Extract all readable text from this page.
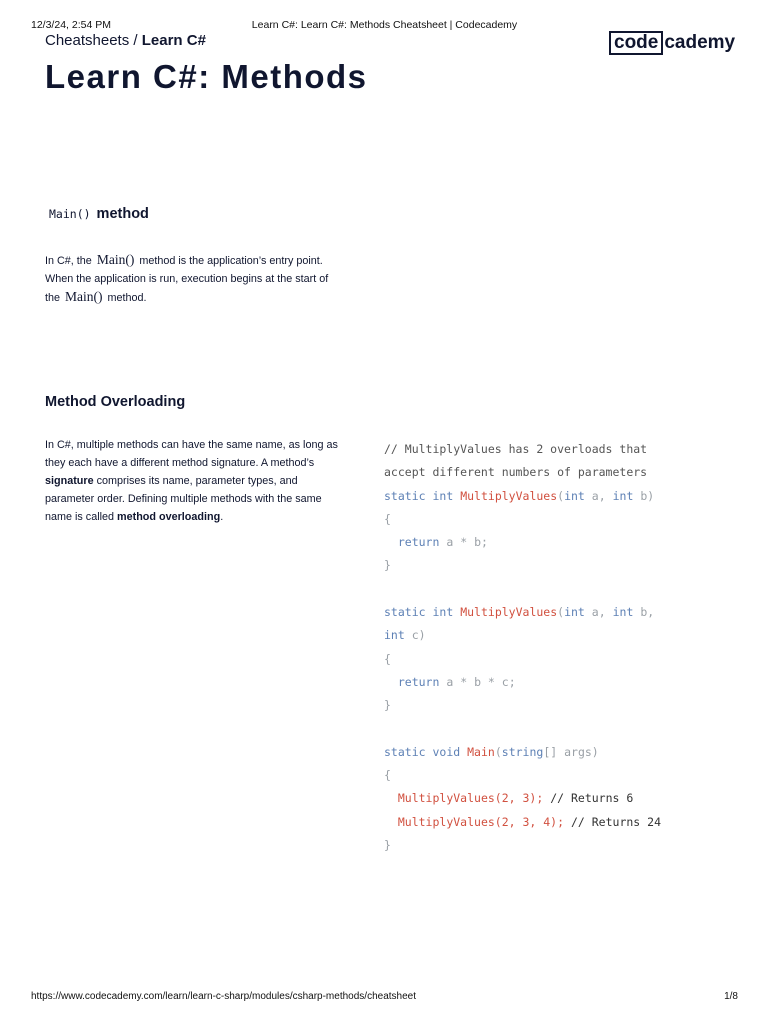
12/3/24, 2:54 PM	Learn C#: Learn C#: Methods Cheatsheet | Codecademy
Cheatsheets / Learn C#	code cademy
Learn C#: Methods
Main() method
In C#, the Main() method is the application’s entry point. When the application is run, execution begins at the start of the Main() method.
Method Overloading
In C#, multiple methods can have the same name, as long as they each have a different method signature. A method’s signature comprises its name, parameter types, and parameter order. Defining multiple methods with the same name is called method overloading.
// MultiplyValues has 2 overloads that
accept different numbers of parameters
static int MultiplyValues(int a, int b)
{
return a * b;
}

static int MultiplyValues(int a, int b,
int c)
{
return a * b * c;
}

static void Main(string[] args)
{
MultiplyValues(2, 3); // Returns 6
MultiplyValues(2, 3, 4); // Returns 24
}
https://www.codecademy.com/learn/learn-c-sharp/modules/csharp-methods/cheatsheet	1/8
